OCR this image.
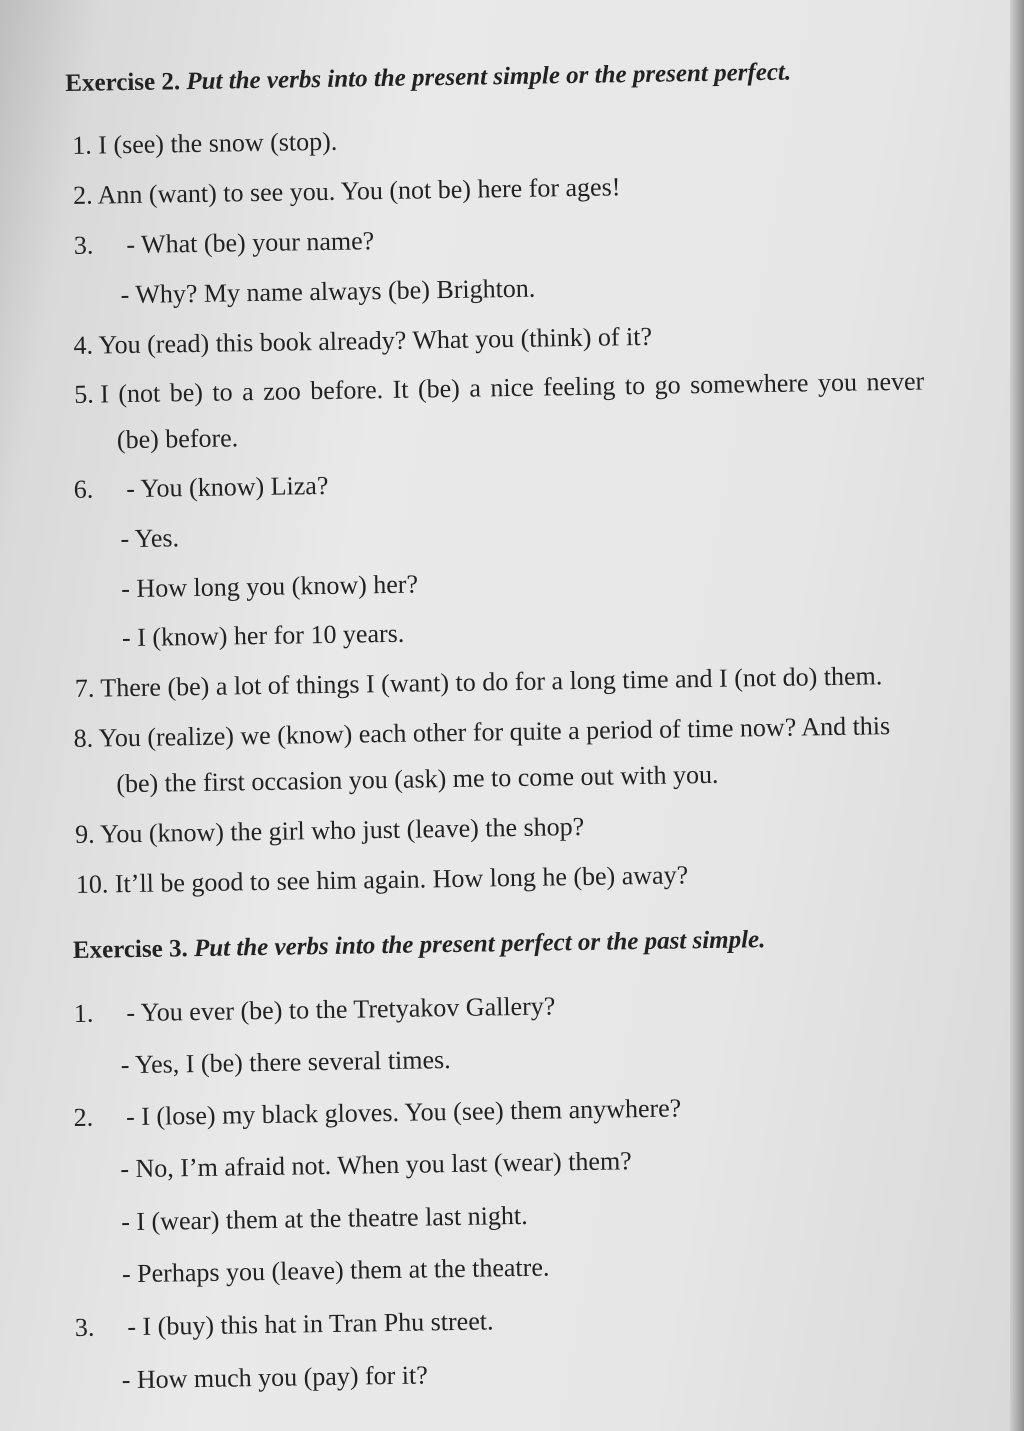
Exercise 2. Put the verbs into the present simple or the present perfect.
1. I (see) the snow (stop).
2. Ann (want) to see you. You (not be) here for ages!
3. - What (be) your name?
- Why? My name always (be) Brighton.
4. You (read) this book already? What you (think) of it?
5. I (not be) to a zoo before. It (be) a nice feeling to go somewhere you never
(be) before.
6. - You (know) Liza?
- Yes.
- How long you (know) her?
- I (know) her for 10 years.
7. There (be) a lot of things I (want) to do for a long time and I (not do) them.
8. You (realize) we (know) each other for quite a period of time now? And this
(be) the first occasion you (ask) me to come out with you.
9. You (know) the girl who just (leave) the shop?
10. It’ll be good to see him again. How long he (be) away?
Exercise 3. Put the verbs into the present perfect or the past simple.
1. - You ever (be) to the Tretyakov Gallery?
- Yes, I (be) there several times.
2. - I (lose) my black gloves. You (see) them anywhere?
- No, I’m afraid not. When you last (wear) them?
- I (wear) them at the theatre last night.
- Perhaps you (leave) them at the theatre.
3. - I (buy) this hat in Tran Phu street.
- How much you (pay) for it?
